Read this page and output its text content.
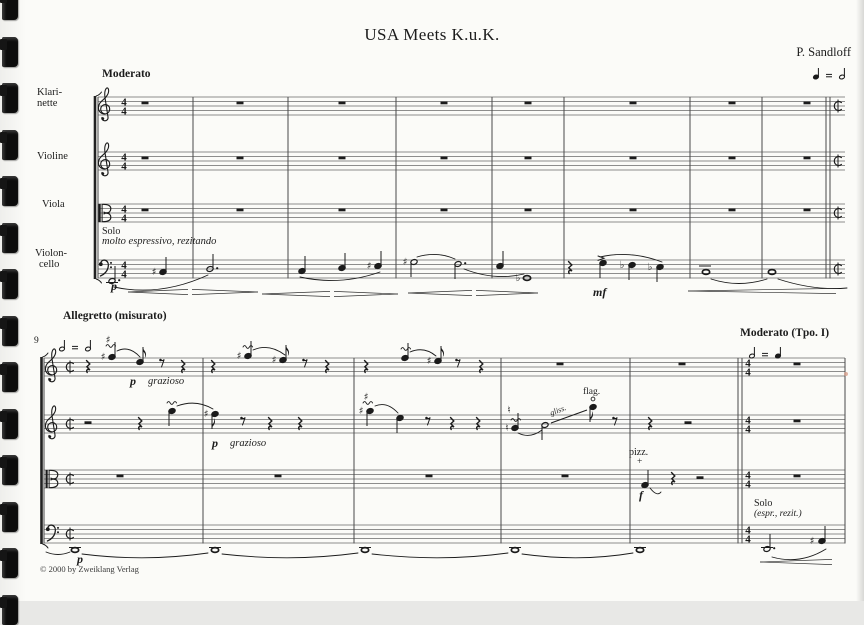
4
4
4
4
4
4
4
4
4
4
4
4
4
4
4
4
♯
♯
♯	♯	♯
♯
♯	♯
♭
♭ ♭
♯
♯	♯
♯
♮
♮
USA Meets K.u.K.
P. Sandloff
Moderato
Klari-
nette
Violine
Viola
Violon-
cello
Solo
molto espressivo, rezitando
p	mf
Allegretto (misurato)
9
p grazioso
p grazioso
flag.
gliss.
pizz.
+
f
Moderato (Tpo. I)
Solo
(espr., rezit.)
p
© 2000 by Zweiklang Verlag
